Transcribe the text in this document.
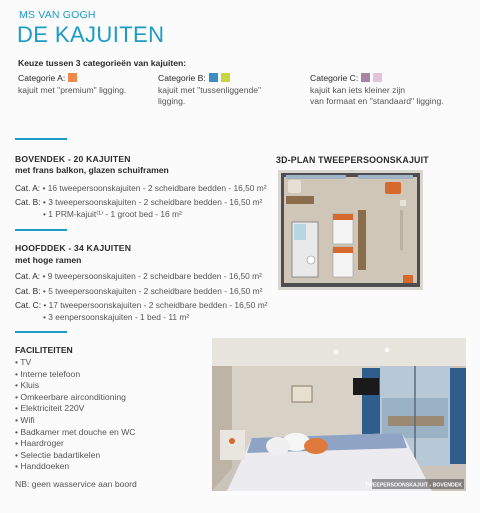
MS VAN GOGH
DE KAJUITEN
Keuze tussen 3 categorieën van kajuiten:
Categorie A:
kajuit met "premium" ligging.
Categorie B:
kajuit met "tussenliggende"
ligging.
Categorie C:
kajuit kan iets kleiner zijn
van formaat en "standaard" ligging.
BOVENDEK - 20 KAJUITEN
met frans balkon, glazen schuiframen
Cat. A: • 16 tweepersoonskajuiten - 2 scheidbare bedden - 16,50 m²
Cat. B: • 3 tweepersoonskajuiten - 2 scheidbare bedden - 16,50 m²
• 1 PRM-kajuit⁽¹⁾ - 1 groot bed - 16 m²
HOOFDDEK - 34 KAJUITEN
met hoge ramen
Cat. A: • 9 tweepersoonskajuiten - 2 scheidbare bedden - 16,50 m²
Cat. B: • 5 tweepersoonskajuiten - 2 scheidbare bedden - 16,50 m²
Cat. C: • 17 tweepersoonskajuiten - 2 scheidbare bedden - 16,50 m²
• 3 eenpersoonskajuiten - 1 bed - 11 m²
3D-PLAN TWEEPERSOONSKAJUIT
FACILITEITEN
• TV
• Interne telefoon
• Kluis
• Omkeerbare airconditioning
• Elektriciteit 220V
• Wifi
• Badkamer met douche en WC
• Haardroger
• Selectie badartikelen
• Handdoeken
NB: geen wasservice aan boord	TWEEPERSOONSKAJUIT - BOVENDEK
